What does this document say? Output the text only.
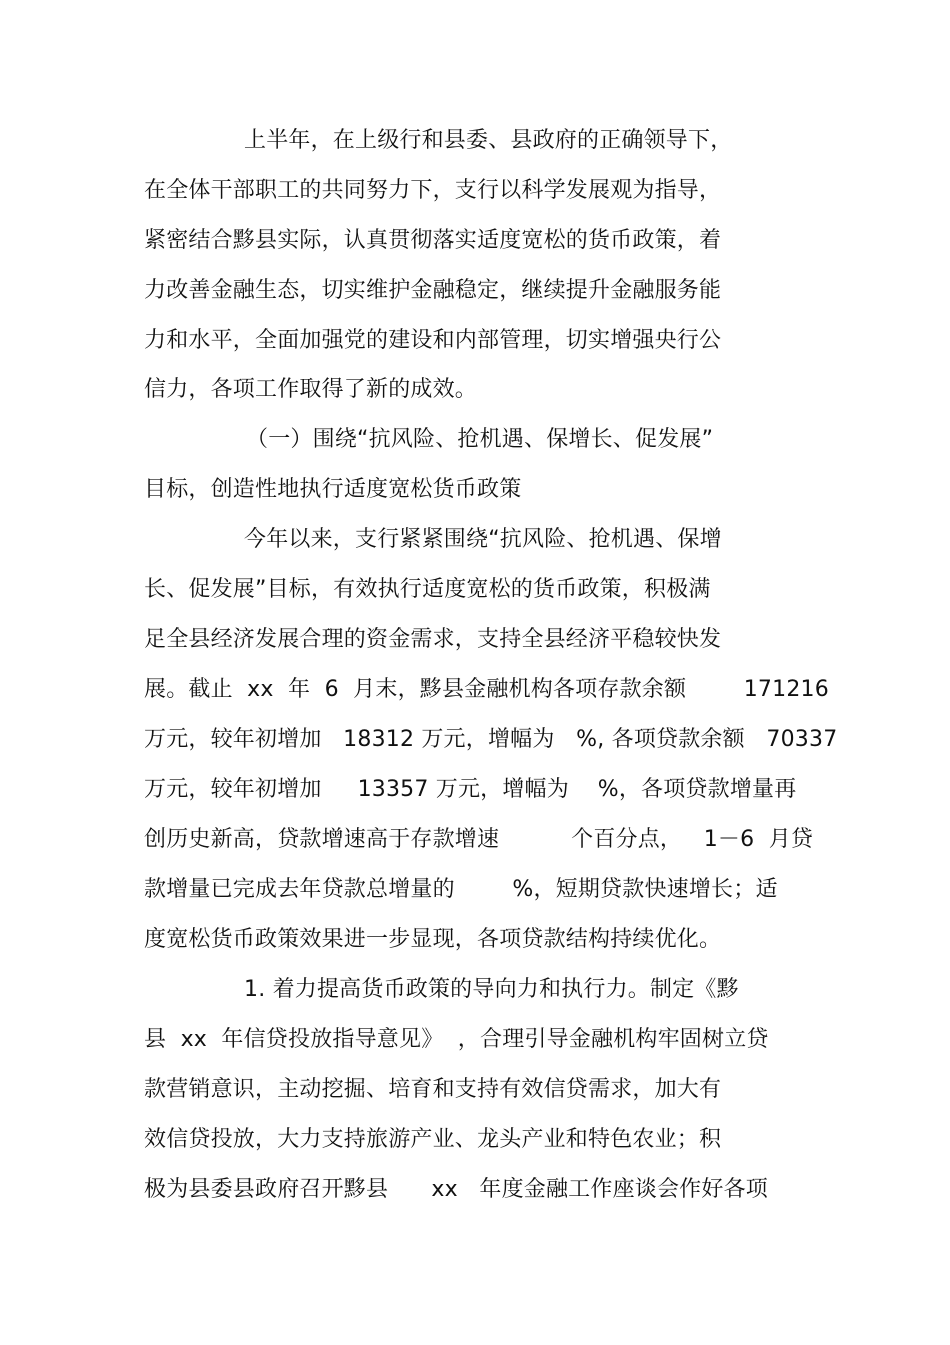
上半年，在上级行和县委、县政府的正确领导下，
在全体干部职工的共同努力下，支行以科学发展观为指导，
紧密结合黟县实际，认真贯彻落实适度宽松的货币政策，着
力改善金融生态，切实维护金融稳定，继续提升金融服务能
力和水平，全面加强党的建设和内部管理，切实增强央行公
信力，各项工作取得了新的成效。
（一）围绕“抗风险、抢机遇、保增长、促发展”
目标，创造性地执行适度宽松货币政策
今年以来，支行紧紧围绕“抗风险、抢机遇、保增
长、促发展”目标，有效执行适度宽松的货币政策，积极满
足全县经济发展合理的资金需求，支持全县经济平稳较快发
展。截止  xx  年  6  月末，黟县金融机构各项存款余额        171216
万元，较年初增加   18312 万元，增幅为   %, 各项贷款余额   70337
万元，较年初增加     13357 万元，增幅为    %，各项贷款增量再
创历史新高，贷款增速高于存款增速          个百分点，   1－6  月贷
款增量已完成去年贷款总增量的        %，短期贷款快速增长；适
度宽松货币政策效果进一步显现，各项贷款结构持续优化。
1. 着力提高货币政策的导向力和执行力。制定《黟
县  xx  年信贷投放指导意见》  ，合理引导金融机构牢固树立贷
款营销意识，主动挖掘、培育和支持有效信贷需求，加大有
效信贷投放，大力支持旅游产业、龙头产业和特色农业；积
极为县委县政府召开黟县      xx   年度金融工作座谈会作好各项
